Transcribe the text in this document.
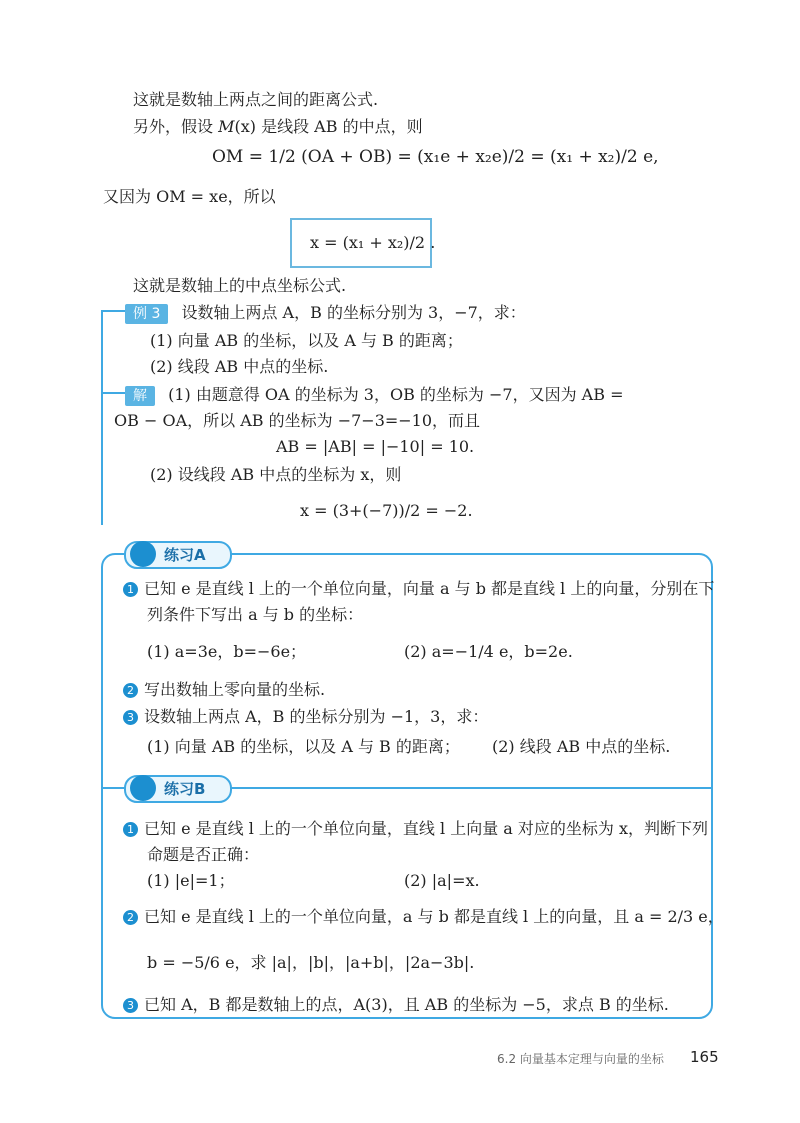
这就是数轴上两点之间的距离公式.
另外，假设 M(x) 是线段 AB 的中点，则
OM = 1/2 (OA + OB) = (x₁e + x₂e)/2 = (x₁ + x₂)/2 e,
又因为 OM = xe，所以
x = (x₁ + x₂)/2 .
这就是数轴上的中点坐标公式.
例 3 设数轴上两点 A，B 的坐标分别为 3，−7，求：
(1) 向量 AB 的坐标，以及 A 与 B 的距离；
(2) 线段 AB 中点的坐标.
解 (1) 由题意得 OA 的坐标为 3，OB 的坐标为 −7，又因为 AB =
OB − OA，所以 AB 的坐标为 −7−3=−10，而且
AB = |AB| = |−10| = 10.
(2) 设线段 AB 中点的坐标为 x，则
x = (3+(−7))/2 = −2.
练习A
1 已知 e 是直线 l 上的一个单位向量，向量 a 与 b 都是直线 l 上的向量，分别在下
列条件下写出 a 与 b 的坐标：
(1) a=3e，b=−6e；	(2) a=−1/4 e，b=2e.
2 写出数轴上零向量的坐标.
3 设数轴上两点 A，B 的坐标分别为 −1，3，求：
(1) 向量 AB 的坐标，以及 A 与 B 的距离； (2) 线段 AB 中点的坐标.
练习B
1 已知 e 是直线 l 上的一个单位向量，直线 l 上向量 a 对应的坐标为 x，判断下列
命题是否正确：
(1) |e|=1；	(2) |a|=x.
2 已知 e 是直线 l 上的一个单位向量，a 与 b 都是直线 l 上的向量，且 a = 2/3 e，
b = −5/6 e，求 |a|，|b|，|a+b|，|2a−3b|.
3 已知 A，B 都是数轴上的点，A(3)，且 AB 的坐标为 −5，求点 B 的坐标.
6.2 向量基本定理与向量的坐标 165
